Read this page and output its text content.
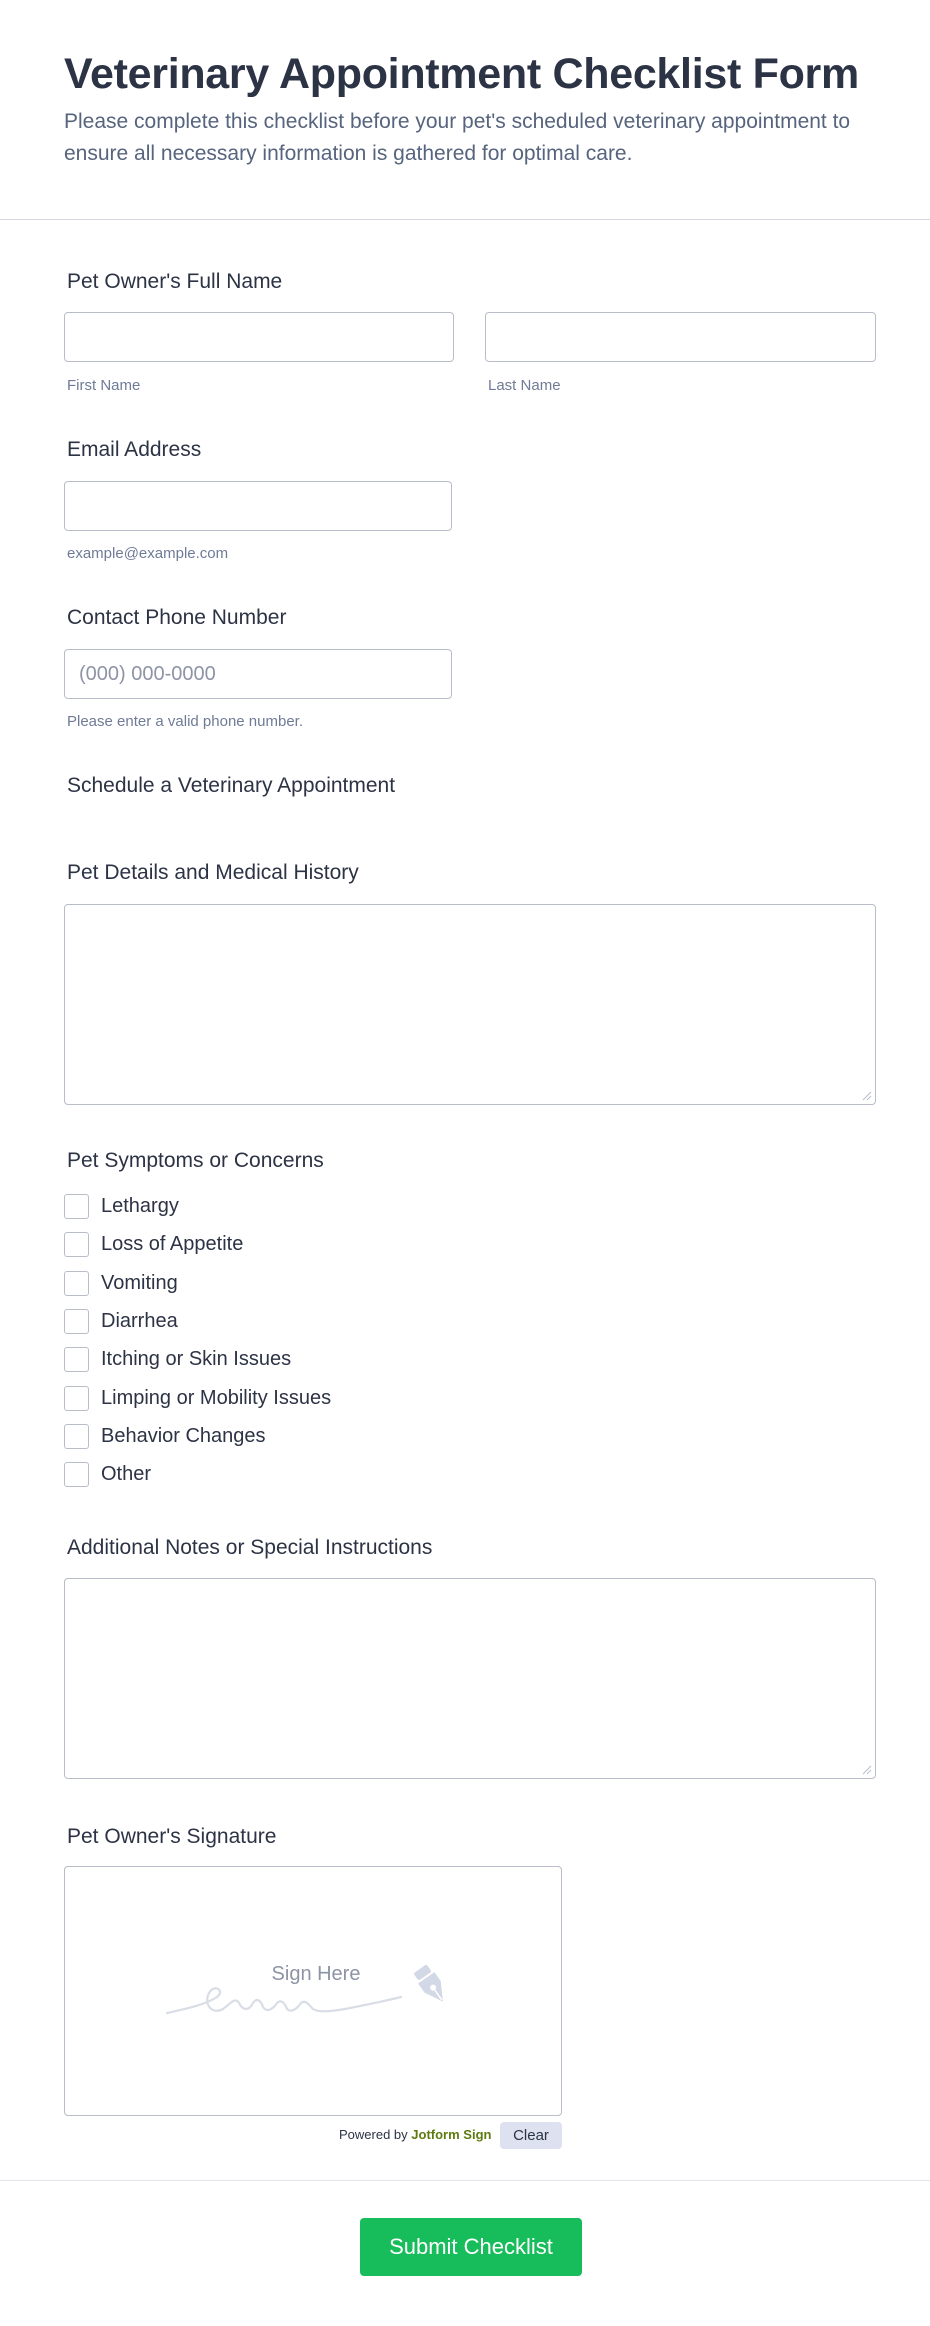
Veterinary Appointment Checklist Form

Please complete this checklist before your pet's scheduled veterinary appointment to ensure all necessary information is gathered for optimal care.

Pet Owner's Full Name
First Name	Last Name
Email Address
example@example.com
Contact Phone Number
(000) 000-0000
Please enter a valid phone number.
Schedule a Veterinary Appointment
Pet Details and Medical History
Pet Symptoms or Concerns
Lethargy
Loss of Appetite
Vomiting
Diarrhea
Itching or Skin Issues
Limping or Mobility Issues
Behavior Changes
Other
Additional Notes or Special Instructions
Pet Owner's Signature
Sign Here
Powered by Jotform Sign	Clear
Submit Checklist
